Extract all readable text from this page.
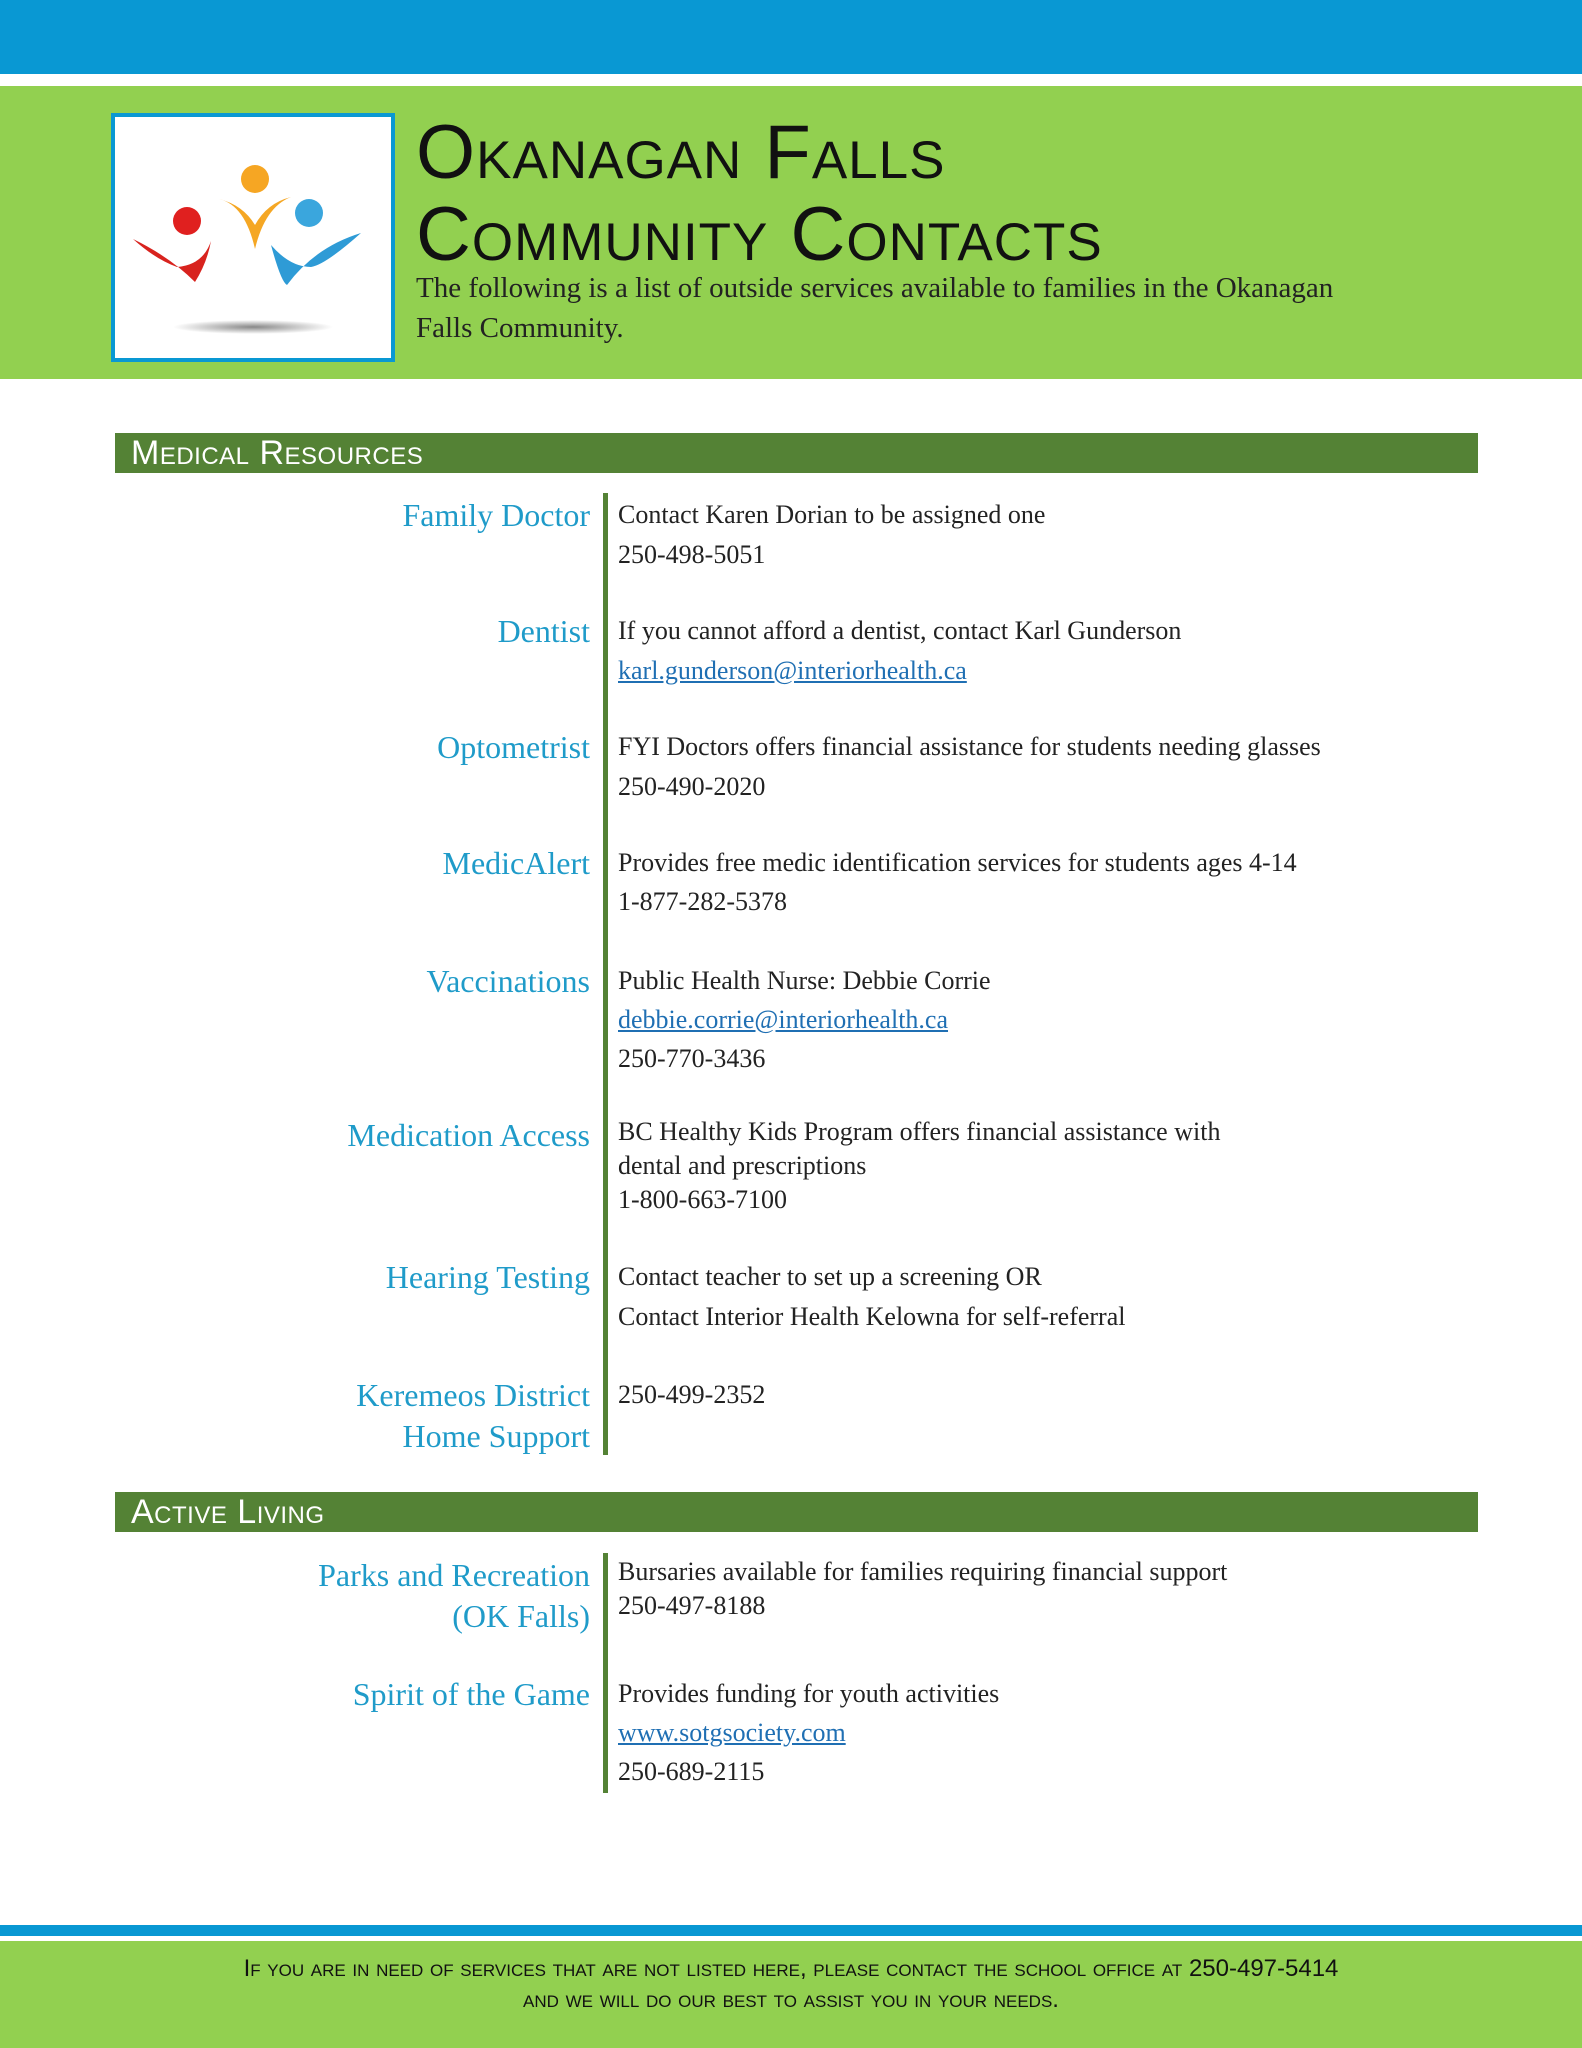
Okanagan Falls
Community Contacts

The following is a list of outside services available to families in the Okanagan Falls Community.

Medical Resources
Family Doctor Contact Karen Dorian to be assigned one
250-498-5051
Dentist If you cannot afford a dentist, contact Karl Gunderson
karl.gunderson@interiorhealth.ca
Optometrist FYI Doctors offers financial assistance for students needing glasses
250-490-2020
MedicAlert Provides free medic identification services for students ages 4-14
1-877-282-5378
Vaccinations Public Health Nurse: Debbie Corrie
debbie.corrie@interiorhealth.ca
250-770-3436
Medication Access BC Healthy Kids Program offers financial assistance with
dental and prescriptions
1-800-663-7100
Hearing Testing Contact teacher to set up a screening OR
Contact Interior Health Kelowna for self-referral
Keremeos District
Home Support
250-499-2352
Active Living
Parks and Recreation
(OK Falls)
Bursaries available for families requiring financial support
250-497-8188
Spirit of the Game Provides funding for youth activities
www.sotgsociety.com
250-689-2115

If you are in need of services that are not listed here, please contact the school office at 250-497-5414
and we will do our best to assist you in your needs.
